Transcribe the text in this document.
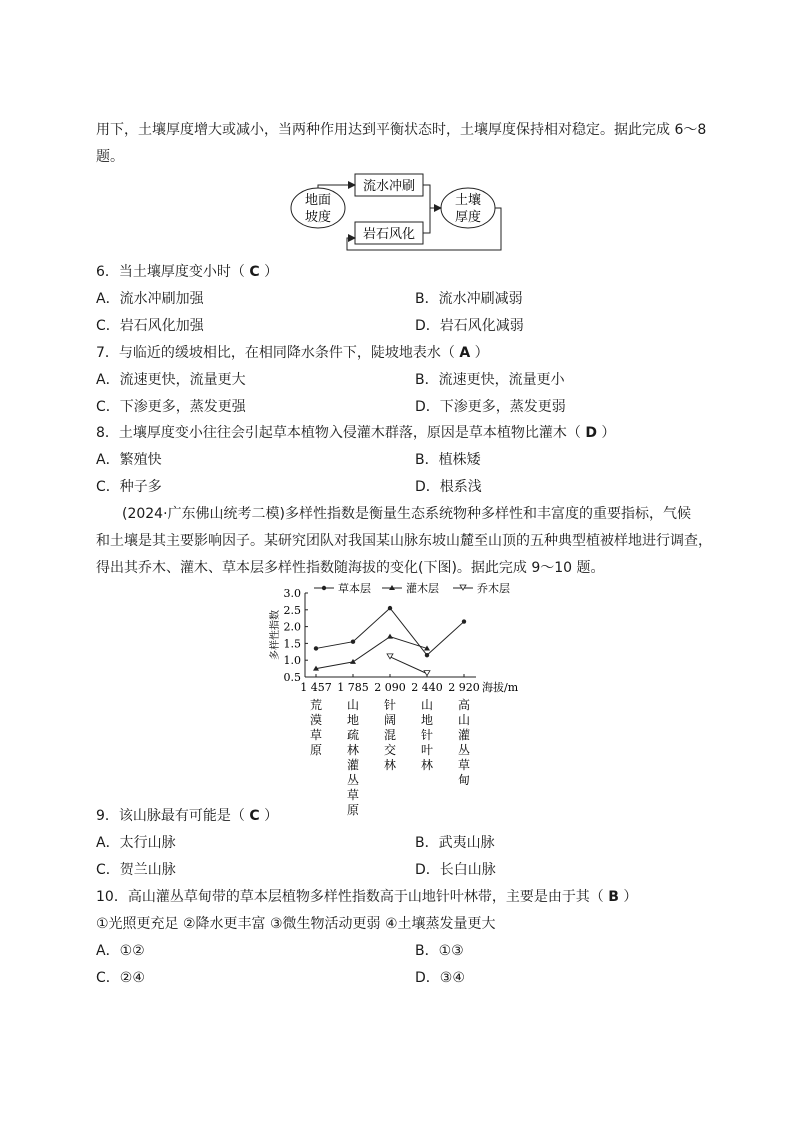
用下，土壤厚度增大或减小，当两种作用达到平衡状态时，土壤厚度保持相对稳定。据此完成 6～8
题。
地面
坡度
流水冲刷
岩石风化
土壤
厚度
6．当土壤厚度变小时（ C ）
A．流水冲刷加强	B．流水冲刷减弱
C．岩石风化加强	D．岩石风化减弱
7．与临近的缓坡相比，在相同降水条件下，陡坡地表水（ A ）
A．流速更快，流量更大	B．流速更快，流量更小
C．下渗更多，蒸发更强	D．下渗更多，蒸发更弱
8．土壤厚度变小往往会引起草本植物入侵灌木群落，原因是草本植物比灌木（ D ）
A．繁殖快	B．植株矮
C．种子多	D．根系浅
(2024·广东佛山统考二模)多样性指数是衡量生态系统物种多样性和丰富度的重要指标，气候
和土壤是其主要影响因子。某研究团队对我国某山脉东坡山麓至山顶的五种典型植被样地进行调查，
得出其乔木、灌木、草本层多样性指数随海拔的变化(下图)。据此完成 9～10 题。
3.0
2.5
2.0
1.5
1.0
0.5
多样性指数
1 457 1 785 2 090 2 440 2 920 海拔/m
荒
漠
草
原
山
地
疏
林
灌
丛
草
原
针
阔
混
交
林
山
地
针
叶
林
高
山
灌
丛
草
甸
草本层	灌木层	乔木层
9．该山脉最有可能是（ C ）
A．太行山脉	B．武夷山脉
C．贺兰山脉	D．长白山脉
10．高山灌丛草甸带的草本层植物多样性指数高于山地针叶林带，主要是由于其（ B ）
①光照更充足 ②降水更丰富 ③微生物活动更弱 ④土壤蒸发量更大
A．①②	B．①③
C．②④	D．③④
